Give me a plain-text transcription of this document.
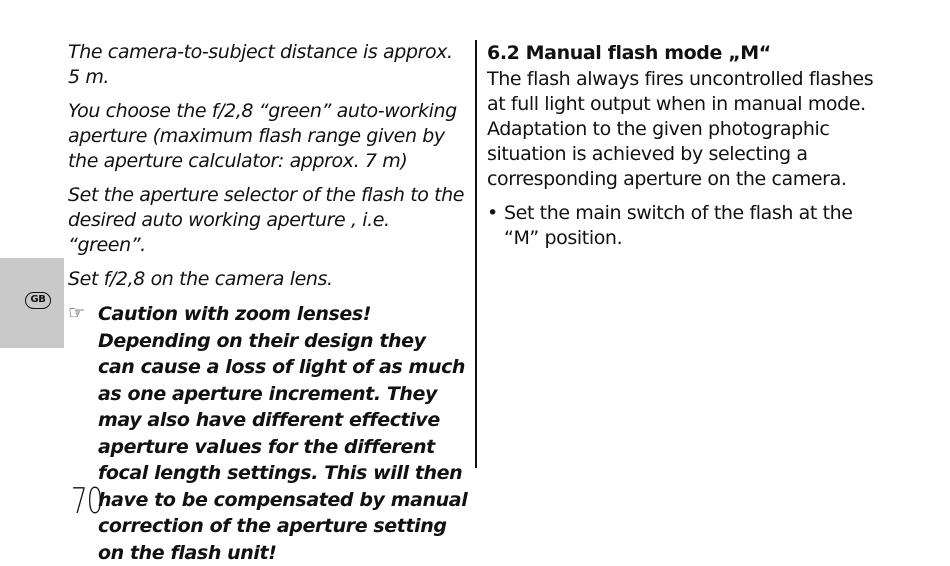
GB

The camera-to-subject distance is approx. 5 m.

You choose the f/2,8 “green” auto-working aperture (maximum flash range given by the aperture calculator: approx. 7 m)

Set the aperture selector of the flash to the desired auto working aperture , i.e. “green”.

Set f/2,8 on the camera lens.

☞ Caution with zoom lenses! Depending on their design they can cause a loss of light of as much as one aperture increment. They may also have different effective aperture values for the different focal length settings. This will then have to be compensated by manual correction of the aperture setting on the flash unit!
6.2 Manual flash mode „M“

The flash always fires uncontrolled flashes at full light output when in manual mode. Adaptation to the given photographic situation is achieved by selecting a corresponding aperture on the camera.

• Set the main switch of the flash at the “M” position.
70
